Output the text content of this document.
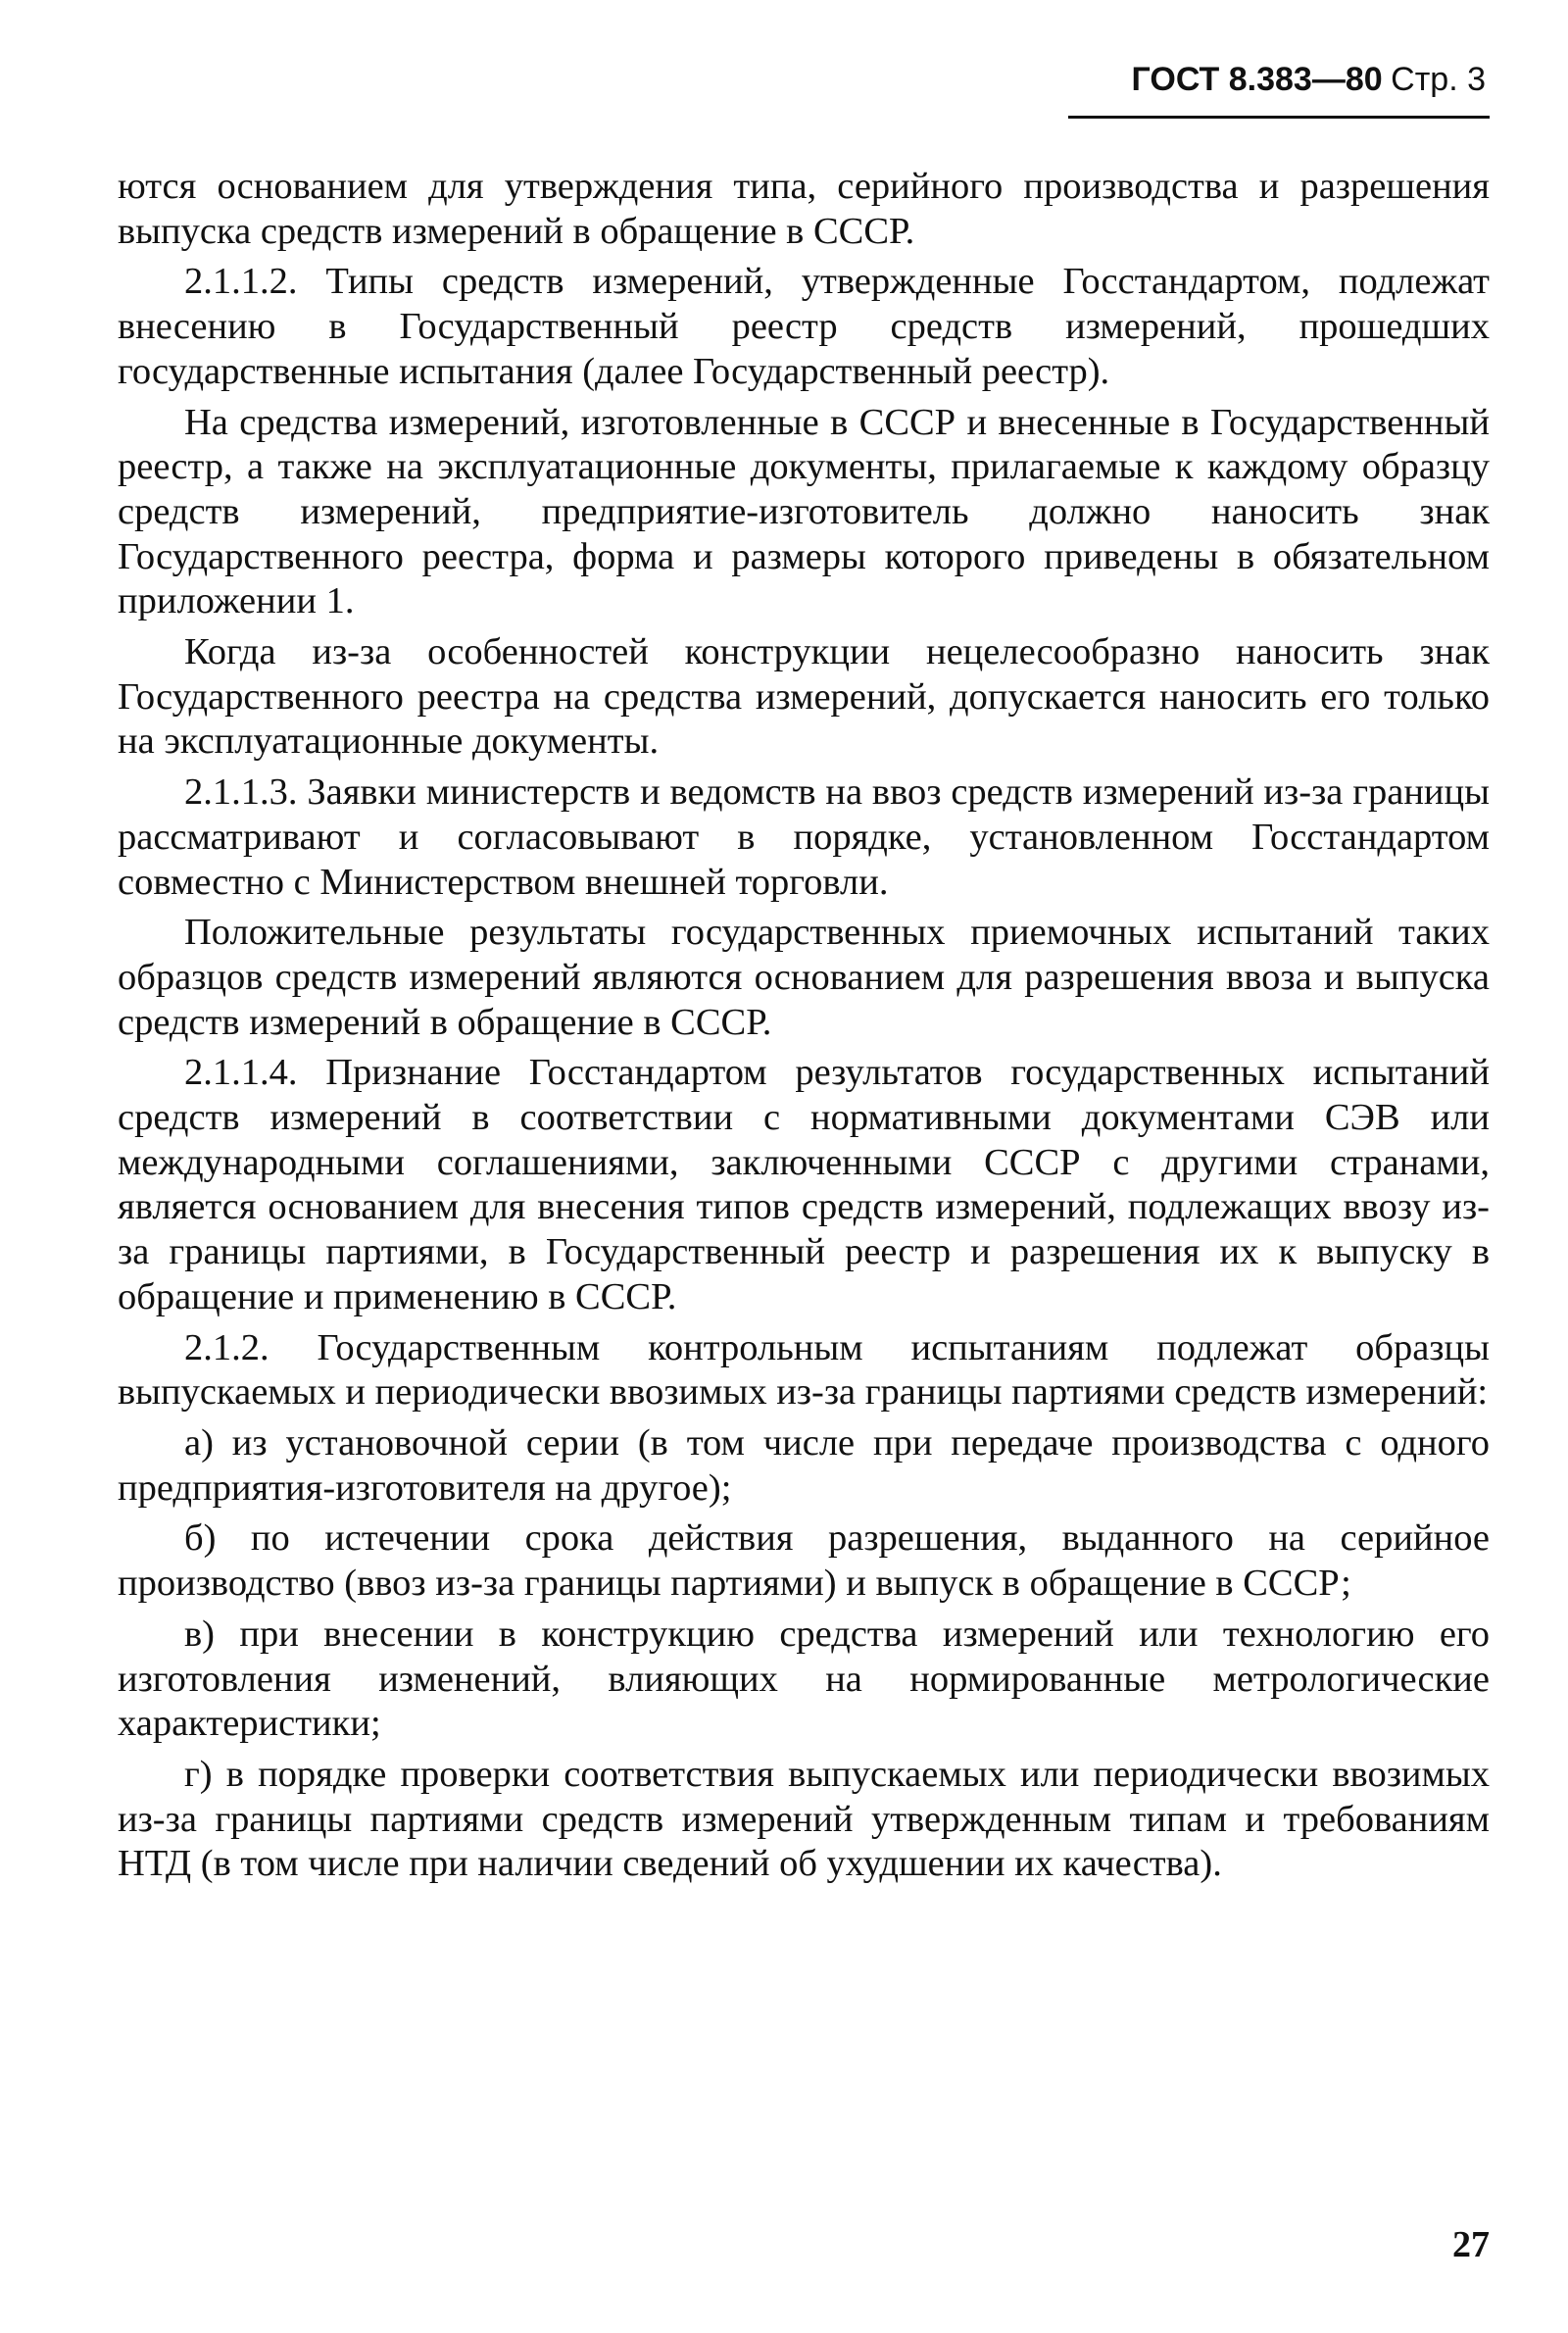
ГОСТ 8.383—80 Стр. 3

ются основанием для утверждения типа, серийного производства и разрешения выпуска средств измерений в обращение в СССР.

2.1.1.2. Типы средств измерений, утвержденные Госстандартом, подлежат внесению в Государственный реестр средств измерений, прошедших государственные испытания (далее Государственный реестр).

На средства измерений, изготовленные в СССР и внесенные в Государственный реестр, а также на эксплуатационные документы, прилагаемые к каждому образцу средств измерений, предприятие-изготовитель должно наносить знак Государственного реестра, форма и размеры которого приведены в обязательном приложении 1.

Когда из-за особенностей конструкции нецелесообразно наносить знак Государственного реестра на средства измерений, допускается наносить его только на эксплуатационные документы.

2.1.1.3. Заявки министерств и ведомств на ввоз средств измерений из-за границы рассматривают и согласовывают в порядке, установленном Госстандартом совместно с Министерством внешней торговли.

Положительные результаты государственных приемочных испытаний таких образцов средств измерений являются основанием для разрешения ввоза и выпуска средств измерений в обращение в СССР.

2.1.1.4. Признание Госстандартом результатов государственных испытаний средств измерений в соответствии с нормативными документами СЭВ или международными соглашениями, заключенными СССР с другими странами, является основанием для внесения типов средств измерений, подлежащих ввозу из-за границы партиями, в Государственный реестр и разрешения их к выпуску в обращение и применению в СССР.

2.1.2. Государственным контрольным испытаниям подлежат образцы выпускаемых и периодически ввозимых из-за границы партиями средств измерений:

а) из установочной серии (в том числе при передаче производства с одного предприятия-изготовителя на другое);

б) по истечении срока действия разрешения, выданного на серийное производство (ввоз из-за границы партиями) и выпуск в обращение в СССР;

в) при внесении в конструкцию средства измерений или технологию его изготовления изменений, влияющих на нормированные метрологические характеристики;

г) в порядке проверки соответствия выпускаемых или периодически ввозимых из-за границы партиями средств измерений утвержденным типам и требованиям НТД (в том числе при наличии сведений об ухудшении их качества).

27
